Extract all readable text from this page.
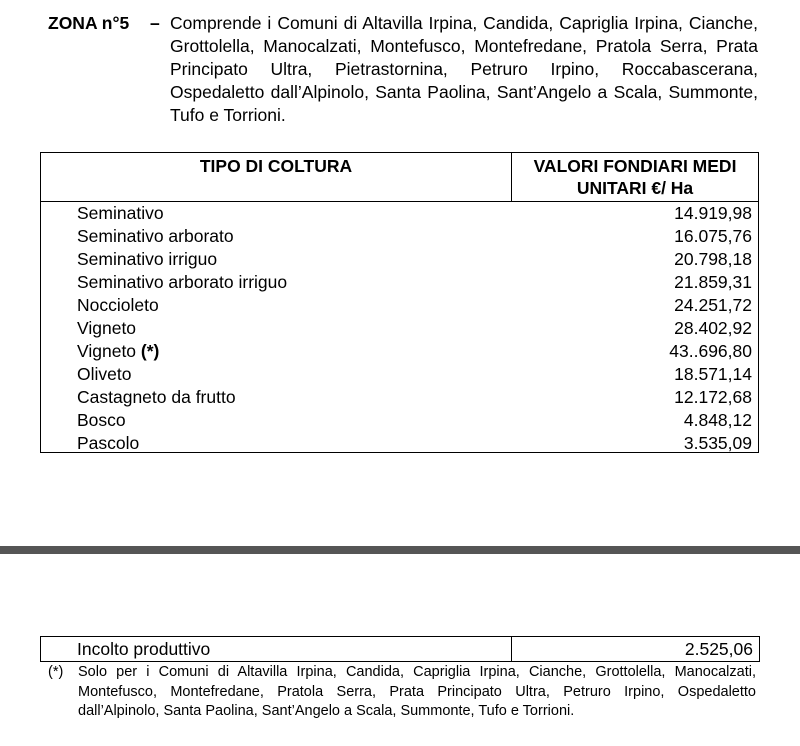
ZONA n°5 – Comprende i Comuni di Altavilla Irpina, Candida, Capriglia Irpina, Cianche, Grottolella, Manocalzati, Montefusco, Montefredane, Pratola Serra, Prata Principato Ultra, Pietrastornina, Petruro Irpino, Roccabascerana, Ospedaletto dall’Alpinolo, Santa Paolina, Sant’Angelo a Scala, Summonte, Tufo e Torrioni.
TIPO DI COLTURA	VALORI FONDIARI MEDI
UNITARI €/ Ha
Seminativo	14.919,98
Seminativo arborato	16.075,76
Seminativo irriguo	20.798,18
Seminativo arborato irriguo	21.859,31
Noccioleto	24.251,72
Vigneto	28.402,92
Vigneto (*)	43..696,80
Oliveto	18.571,14
Castagneto da frutto	12.172,68
Bosco	4.848,12
Pascolo	3.535,09
Incolto produttivo	2.525,06
(*) Solo per i Comuni di Altavilla Irpina, Candida, Capriglia Irpina, Cianche, Grottolella, Manocalzati, Montefusco, Montefredane, Pratola Serra, Prata Principato Ultra, Petruro Irpino, Ospedaletto dall’Alpinolo, Santa Paolina, Sant’Angelo a Scala, Summonte, Tufo e Torrioni.
